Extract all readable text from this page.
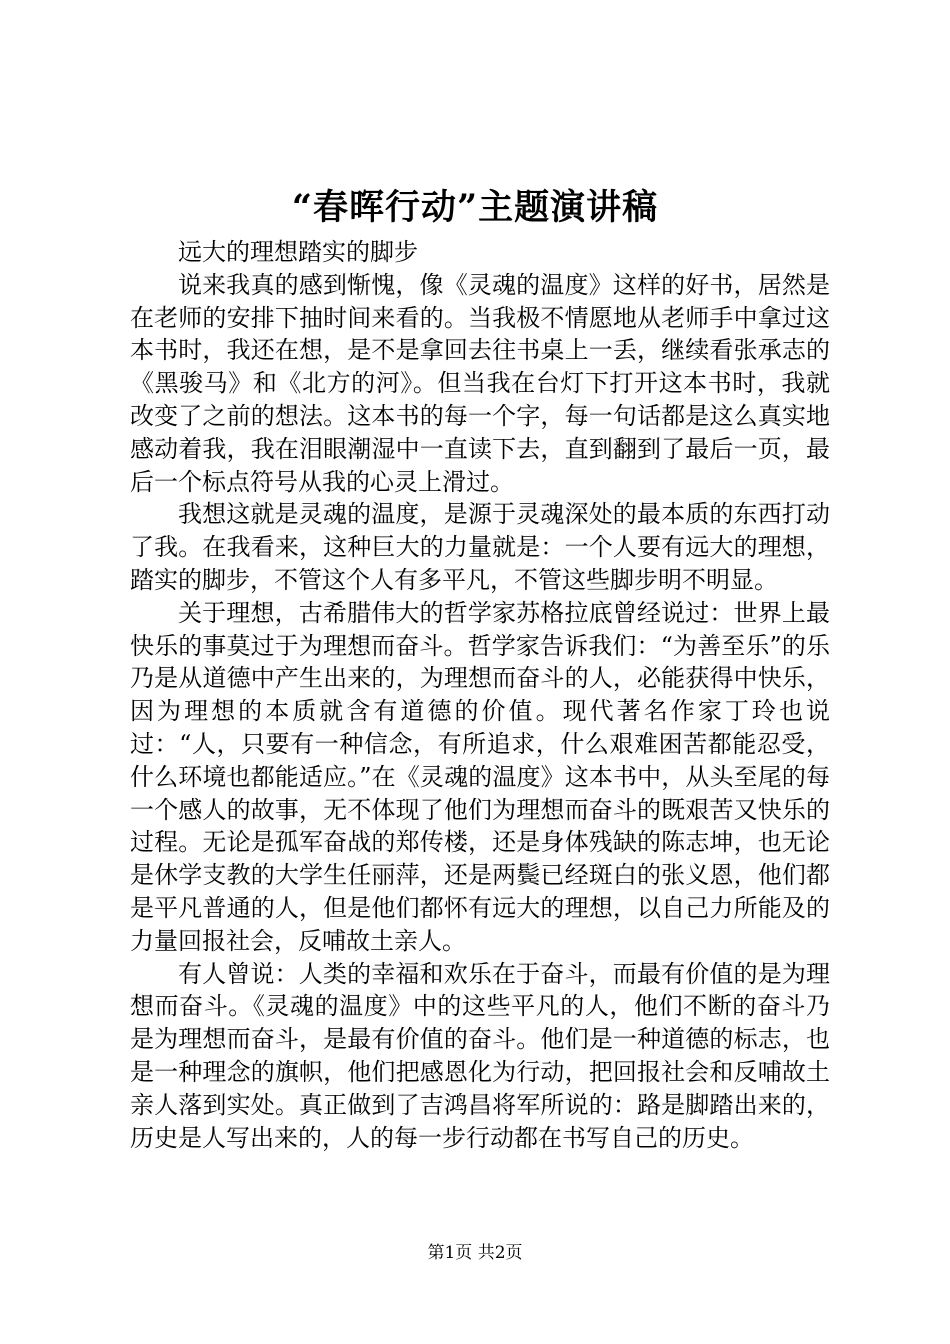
“春晖行动”主题演讲稿

远大的理想踏实的脚步

说来我真的感到惭愧，像《灵魂的温度》这样的好书，居然是在老师的安排下抽时间来看的。当我极不情愿地从老师手中拿过这本书时，我还在想，是不是拿回去往书桌上一丢，继续看张承志的《黑骏马》和《北方的河》。但当我在台灯下打开这本书时，我就改变了之前的想法。这本书的每一个字，每一句话都是这么真实地感动着我，我在泪眼潮湿中一直读下去，直到翻到了最后一页，最后一个标点符号从我的心灵上滑过。

我想这就是灵魂的温度，是源于灵魂深处的最本质的东西打动了我。在我看来，这种巨大的力量就是：一个人要有远大的理想，踏实的脚步，不管这个人有多平凡，不管这些脚步明不明显。

关于理想，古希腊伟大的哲学家苏格拉底曾经说过：世界上最快乐的事莫过于为理想而奋斗。哲学家告诉我们：“为善至乐”的乐乃是从道德中产生出来的，为理想而奋斗的人，必能获得中快乐，因为理想的本质就含有道德的价值。现代著名作家丁玲也说过：“人，只要有一种信念，有所追求，什么艰难困苦都能忍受，什么环境也都能适应。”在《灵魂的温度》这本书中，从头至尾的每一个感人的故事，无不体现了他们为理想而奋斗的既艰苦又快乐的过程。无论是孤军奋战的郑传楼，还是身体残缺的陈志坤，也无论是休学支教的大学生任丽萍，还是两鬓已经斑白的张义恩，他们都是平凡普通的人，但是他们都怀有远大的理想，以自己力所能及的力量回报社会，反哺故土亲人。

有人曾说：人类的幸福和欢乐在于奋斗，而最有价值的是为理想而奋斗。《灵魂的温度》中的这些平凡的人，他们不断的奋斗乃是为理想而奋斗，是最有价值的奋斗。他们是一种道德的标志，也是一种理念的旗帜，他们把感恩化为行动，把回报社会和反哺故土亲人落到实处。真正做到了吉鸿昌将军所说的：路是脚踏出来的，历史是人写出来的，人的每一步行动都在书写自己的历史。

第1页 共2页
